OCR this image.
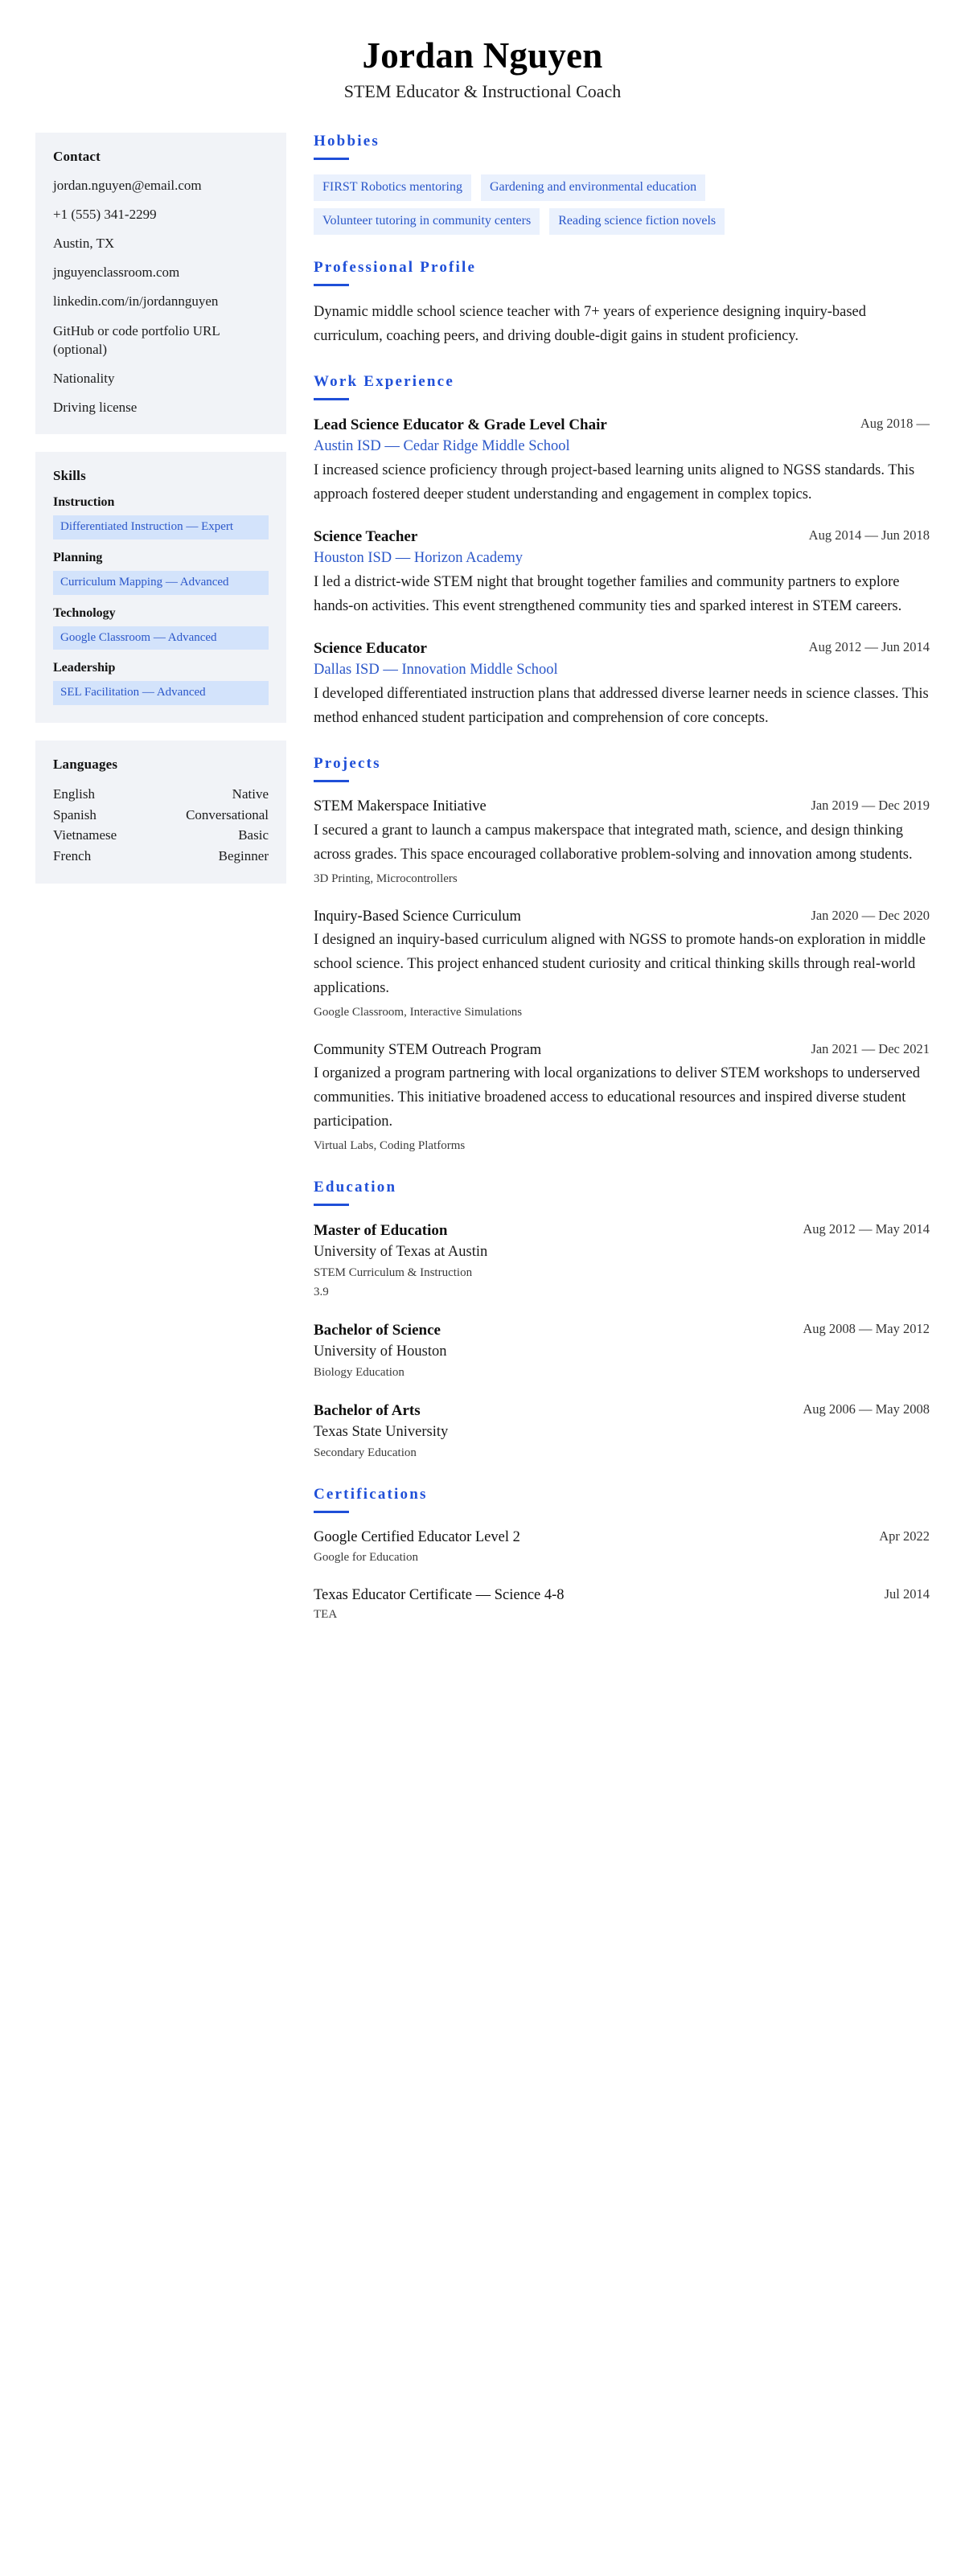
Jordan Nguyen

STEM Educator & Instructional Coach

Contact
jordan.nguyen@email.com
+1 (555) 341-2299
Austin, TX
jnguyenclassroom.com
linkedin.com/in/jordannguyen
GitHub or code portfolio URL (optional)
Nationality
Driving license
Skills
Instruction
Differentiated Instruction — Expert
Planning
Curriculum Mapping — Advanced
Technology
Google Classroom — Advanced
Leadership
SEL Facilitation — Advanced
Languages
English	Native
Spanish	Conversational
Vietnamese	Basic
French	Beginner
Hobbies
FIRST Robotics mentoring	Gardening and environmental education
Volunteer tutoring in community centers	Reading science fiction novels
Professional Profile

Dynamic middle school science teacher with 7+ years of experience designing inquiry-based curriculum, coaching peers, and driving double-digit gains in student proficiency.

Work Experience
Lead Science Educator & Grade Level Chair	Aug 2018 —
Austin ISD — Cedar Ridge Middle School
I increased science proficiency through project-based learning units aligned to NGSS standards. This approach fostered deeper student understanding and engagement in complex topics.
Science Teacher	Aug 2014 — Jun 2018
Houston ISD — Horizon Academy
I led a district-wide STEM night that brought together families and community partners to explore hands-on activities. This event strengthened community ties and sparked interest in STEM careers.
Science Educator	Aug 2012 — Jun 2014
Dallas ISD — Innovation Middle School
I developed differentiated instruction plans that addressed diverse learner needs in science classes. This method enhanced student participation and comprehension of core concepts.
Projects
STEM Makerspace Initiative	Jan 2019 — Dec 2019
I secured a grant to launch a campus makerspace that integrated math, science, and design thinking across grades. This space encouraged collaborative problem-solving and innovation among students.
3D Printing, Microcontrollers
Inquiry-Based Science Curriculum	Jan 2020 — Dec 2020
I designed an inquiry-based curriculum aligned with NGSS to promote hands-on exploration in middle school science. This project enhanced student curiosity and critical thinking skills through real-world applications.
Google Classroom, Interactive Simulations
Community STEM Outreach Program	Jan 2021 — Dec 2021
I organized a program partnering with local organizations to deliver STEM workshops to underserved communities. This initiative broadened access to educational resources and inspired diverse student participation.
Virtual Labs, Coding Platforms
Education
Master of Education	Aug 2012 — May 2014
University of Texas at Austin
STEM Curriculum & Instruction
3.9
Bachelor of Science	Aug 2008 — May 2012
University of Houston
Biology Education
Bachelor of Arts	Aug 2006 — May 2008
Texas State University
Secondary Education
Certifications
Google Certified Educator Level 2	Apr 2022
Google for Education
Texas Educator Certificate — Science 4-8	Jul 2014
TEA
